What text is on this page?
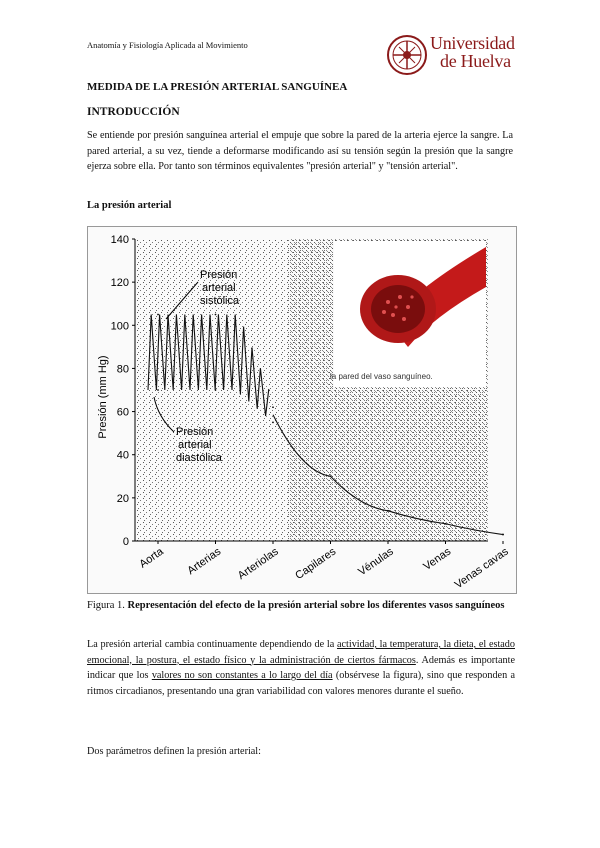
Anatomía y Fisiología Aplicada al Movimiento	Universidad
de Huelva
MEDIDA DE LA PRESIÓN ARTERIAL SANGUÍNEA
INTRODUCCIÓN
Se entiende por presión sanguínea arterial el empuje que sobre la pared de la arteria ejerce la sangre. La pared arterial, a su vez, tiende a deformarse modificando así su tensión según la presión que la sangre ejerza sobre ella. Por tanto son términos equivalentes "presión arterial" y "tensión arterial".
La presión arterial
0
20
40
60
80
100
120
140
Aorta Arterias Arteriolas Capilares Vénulas Venas Venas cavas
Presión (mm Hg)
Presión
arterial
sistólica
Presión
arterial
diastólica
la pared del vaso sanguíneo.
Figura 1. Representación del efecto de la presión arterial sobre los diferentes vasos sanguíneos
La presión arterial cambia continuamente dependiendo de la actividad, la temperatura, la dieta, el estado emocional, la postura, el estado físico y la administración de ciertos fármacos. Además es importante indicar que los valores no son constantes a lo largo del día (obsérvese la figura), sino que responden a ritmos circadianos, presentando una gran variabilidad con valores menores durante el sueño.
Dos parámetros definen la presión arterial:
